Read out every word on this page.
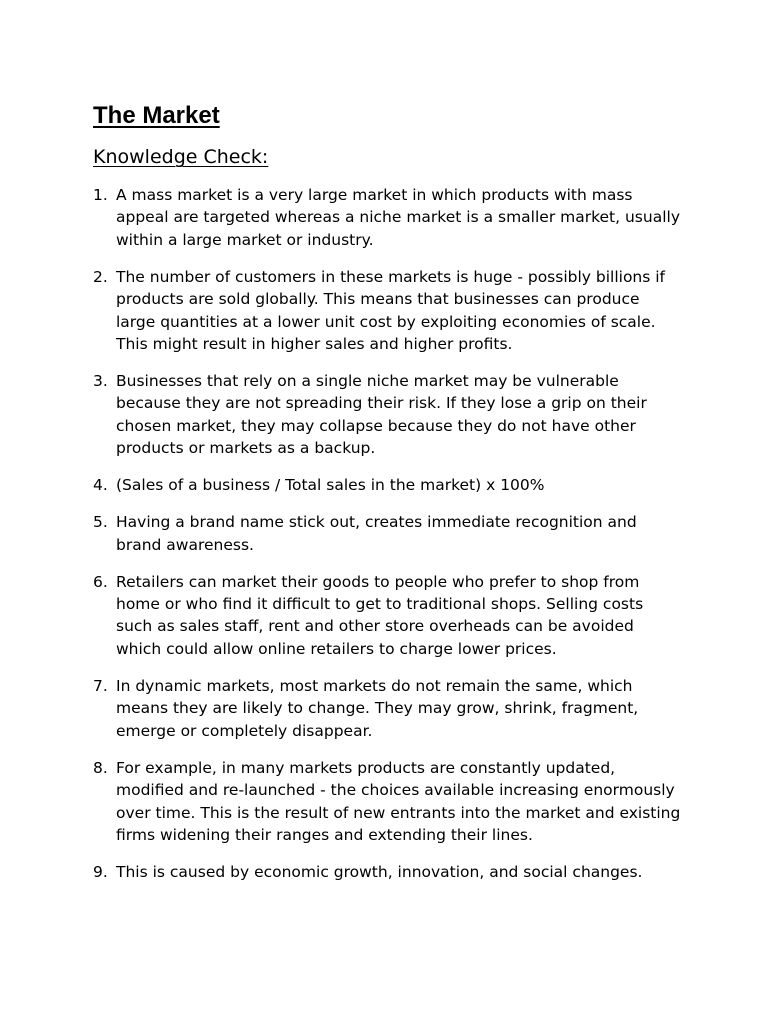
The Market
Knowledge Check:
1. A mass market is a very large market in which products with mass appeal are targeted whereas a niche market is a smaller market, usually within a large market or industry.
2. The number of customers in these markets is huge - possibly billions if products are sold globally. This means that businesses can produce large quantities at a lower unit cost by exploiting economies of scale. This might result in higher sales and higher profits.
3. Businesses that rely on a single niche market may be vulnerable because they are not spreading their risk. If they lose a grip on their chosen market, they may collapse because they do not have other products or markets as a backup.
4. (Sales of a business / Total sales in the market) x 100%
5. Having a brand name stick out, creates immediate recognition and brand awareness.
6. Retailers can market their goods to people who prefer to shop from home or who find it difficult to get to traditional shops. Selling costs such as sales staff, rent and other store overheads can be avoided which could allow online retailers to charge lower prices.
7. In dynamic markets, most markets do not remain the same, which means they are likely to change. They may grow, shrink, fragment, emerge or completely disappear.
8. For example, in many markets products are constantly updated, modified and re-launched - the choices available increasing enormously over time. This is the result of new entrants into the market and existing firms widening their ranges and extending their lines.
9. This is caused by economic growth, innovation, and social changes.
